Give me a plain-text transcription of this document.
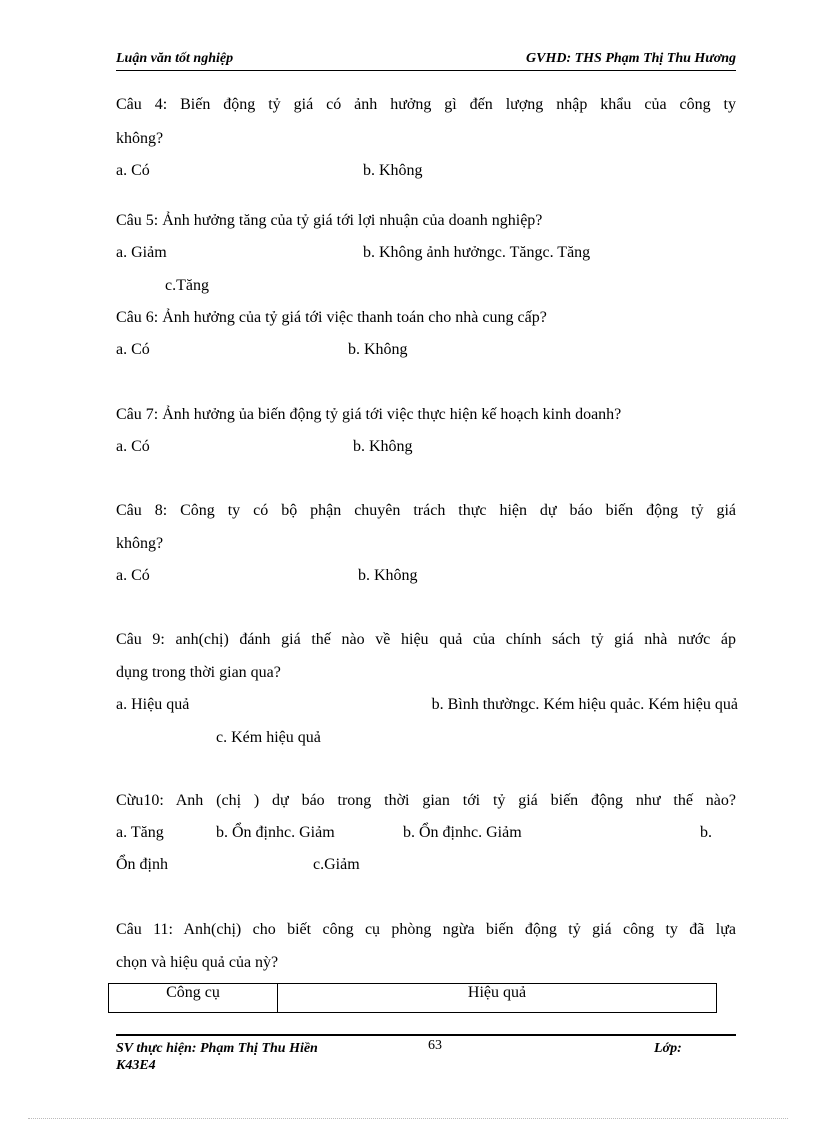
Luận văn tốt nghiệp	GVHD: THS Phạm Thị Thu Hương
Câu 4: Biến động tỷ giá có ảnh hưởng gì đến lượng nhập khẩu của công ty
không?
a. Có	b. Không
Câu 5: Ảnh hưởng tăng của tỷ giá tới lợi nhuận của doanh nghiệp?
a. Giảm	b. Không ảnh hưởngc. Tăngc. Tăng
c.Tăng
Câu 6: Ảnh hưởng của tỷ giá tới việc thanh toán cho nhà cung cấp?
a. Có	b. Không
Câu 7: Ảnh hưởng ủa biến động tỷ giá tới việc thực hiện kế hoạch kinh doanh?
a. Có	b. Không
Câu 8: Công ty có bộ phận chuyên trách thực hiện dự báo biến động tỷ giá
không?
a. Có	b. Không
Câu 9: anh(chị) đánh giá thế nào về hiệu quả của chính sách tỷ giá nhà nước áp
dụng trong thời gian qua?
a. Hiệu quả	b. Bình thườngc. Kém hiệu quảc. Kém hiệu quả
c. Kém hiệu quả
Cừu10: Anh (chị ) dự báo trong thời gian tới tỷ giá biến động như thế nào?
a. Tăng	b. Ổn địnhc. Giảm	b. Ổn địnhc. Giảm	b.
Ổn định	c.Giảm
Câu 11: Anh(chị) cho biết công cụ phòng ngừa biến động tỷ giá công ty đã lựa
chọn và hiệu quả của nỳ?
Công cụ	Hiệu quả
SV thực hiện: Phạm Thị Thu Hiền
K43E4
63	Lớp:
